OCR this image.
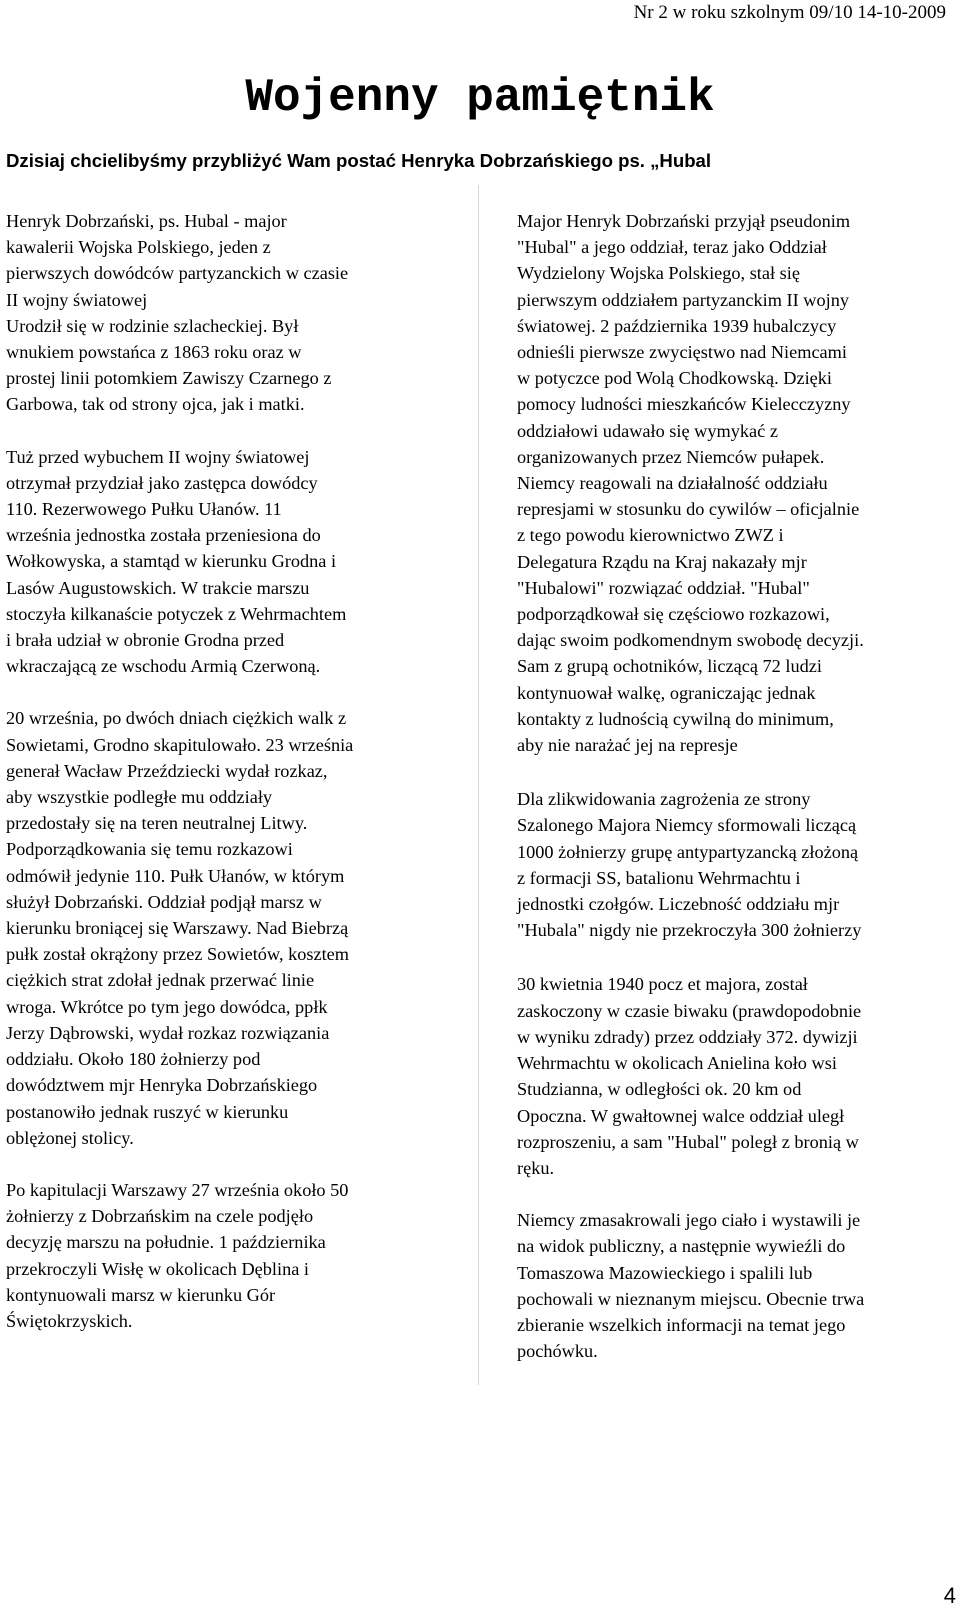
Nr 2 w roku szkolnym 09/10 14-10-2009
Wojenny pamiętnik
Dzisiaj chcielibyśmy przybliżyć Wam postać Henryka Dobrzańskiego ps. „Hubal

Henryk Dobrzański, ps. Hubal - major

kawalerii Wojska Polskiego, jeden z

pierwszych dowódców partyzanckich w czasie

II wojny światowej

Urodził się w rodzinie szlacheckiej. Był

wnukiem powstańca z 1863 roku oraz w

prostej linii potomkiem Zawiszy Czarnego z

Garbowa, tak od strony ojca, jak i matki.

Tuż przed wybuchem II wojny światowej

otrzymał przydział jako zastępca dowódcy

110. Rezerwowego Pułku Ułanów. 11

września jednostka została przeniesiona do

Wołkowyska, a stamtąd w kierunku Grodna i

Lasów Augustowskich. W trakcie marszu

stoczyła kilkanaście potyczek z Wehrmachtem

i brała udział w obronie Grodna przed

wkraczającą ze wschodu Armią Czerwoną.

20 września, po dwóch dniach ciężkich walk z

Sowietami, Grodno skapitulowało. 23 września

generał Wacław Przeździecki wydał rozkaz,

aby wszystkie podległe mu oddziały

przedostały się na teren neutralnej Litwy.

Podporządkowania się temu rozkazowi

odmówił jedynie 110. Pułk Ułanów, w którym

służył Dobrzański. Oddział podjął marsz w

kierunku broniącej się Warszawy. Nad Biebrzą

pułk został okrążony przez Sowietów, kosztem

ciężkich strat zdołał jednak przerwać linie

wroga. Wkrótce po tym jego dowódca, ppłk

Jerzy Dąbrowski, wydał rozkaz rozwiązania

oddziału. Około 180 żołnierzy pod

dowództwem mjr Henryka Dobrzańskiego

postanowiło jednak ruszyć w kierunku

oblężonej stolicy.

Po kapitulacji Warszawy 27 września około 50

żołnierzy z Dobrzańskim na czele podjęło

decyzję marszu na południe. 1 października

przekroczyli Wisłę w okolicach Dęblina i

kontynuowali marsz w kierunku Gór

Świętokrzyskich.

Major Henryk Dobrzański przyjął pseudonim

"Hubal" a jego oddział, teraz jako Oddział

Wydzielony Wojska Polskiego, stał się

pierwszym oddziałem partyzanckim II wojny

światowej. 2 października 1939 hubalczycy

odnieśli pierwsze zwycięstwo nad Niemcami

w potyczce pod Wolą Chodkowską. Dzięki

pomocy ludności mieszkańców Kielecczyzny

oddziałowi udawało się wymykać z

organizowanych przez Niemców pułapek.

Niemcy reagowali na działalność oddziału

represjami w stosunku do cywilów – oficjalnie

z tego powodu kierownictwo ZWZ i

Delegatura Rządu na Kraj nakazały mjr

"Hubalowi" rozwiązać oddział. "Hubal"

podporządkował się częściowo rozkazowi,

dając swoim podkomendnym swobodę decyzji.

Sam z grupą ochotników, liczącą 72 ludzi

kontynuował walkę, ograniczając jednak

kontakty z ludnością cywilną do minimum,

aby nie narażać jej na represje

Dla zlikwidowania zagrożenia ze strony

Szalonego Majora Niemcy sformowali liczącą

1000 żołnierzy grupę antypartyzancką złożoną

z formacji SS, batalionu Wehrmachtu i

jednostki czołgów. Liczebność oddziału mjr

"Hubala" nigdy nie przekroczyła 300 żołnierzy

30 kwietnia 1940 pocz et majora, został

zaskoczony w czasie biwaku (prawdopodobnie

w wyniku zdrady) przez oddziały 372. dywizji

Wehrmachtu w okolicach Anielina koło wsi

Studzianna, w odległości ok. 20 km od

Opoczna. W gwałtownej walce oddział uległ

rozproszeniu, a sam "Hubal" poległ z bronią w

ręku.

Niemcy zmasakrowali jego ciało i wystawili je

na widok publiczny, a następnie wywieźli do

Tomaszowa Mazowieckiego i spalili lub

pochowali w nieznanym miejscu. Obecnie trwa

zbieranie wszelkich informacji na temat jego

pochówku.

4
